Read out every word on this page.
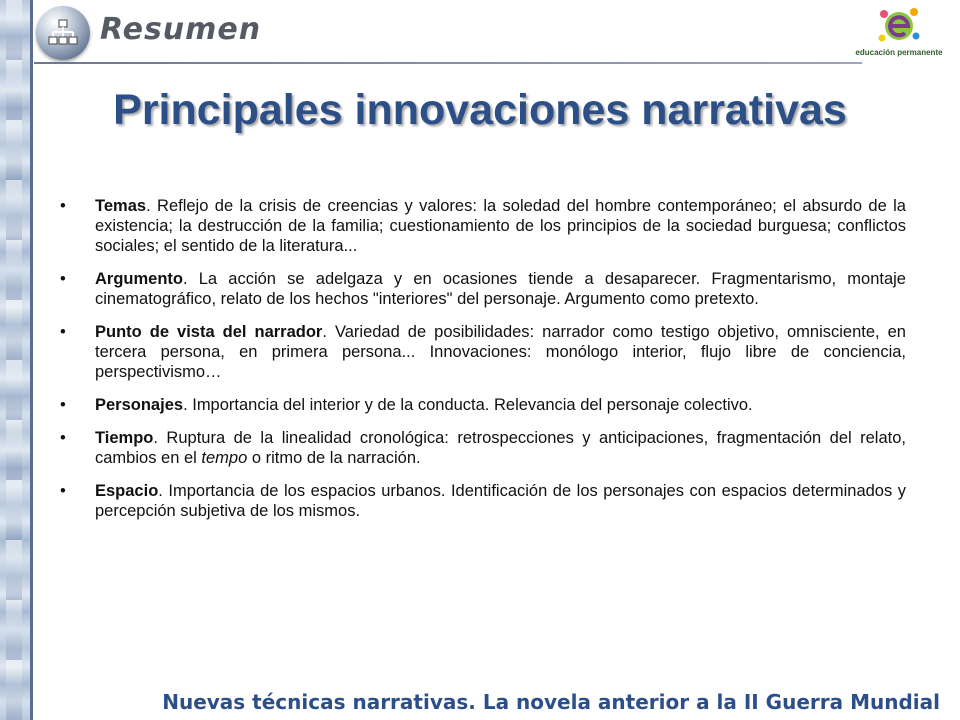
Resumen
educación permanente
Principales innovaciones narrativas
• Temas. Reflejo de la crisis de creencias y valores: la soledad del hombre contemporáneo; el absurdo de la existencia; la destrucción de la familia; cuestionamiento de los principios de la sociedad burguesa; conflictos sociales; el sentido de la literatura...
• Argumento. La acción se adelgaza y en ocasiones tiende a desaparecer. Fragmentarismo, montaje cinematográfico, relato de los hechos "interiores" del personaje. Argumento como pretexto.
• Punto de vista del narrador. Variedad de posibilidades: narrador como testigo objetivo, omnisciente, en tercera persona, en primera persona... Innovaciones: monólogo interior, flujo libre de conciencia, perspectivismo…
• Personajes. Importancia del interior y de la conducta. Relevancia del personaje colectivo.
• Tiempo. Ruptura de la linealidad cronológica: retrospecciones y anticipaciones, fragmentación del relato, cambios en el tempo o ritmo de la narración.
• Espacio. Importancia de los espacios urbanos. Identificación de los personajes con espacios determinados y percepción subjetiva de los mismos.
Nuevas técnicas narrativas. La novela anterior a la II Guerra Mundial
